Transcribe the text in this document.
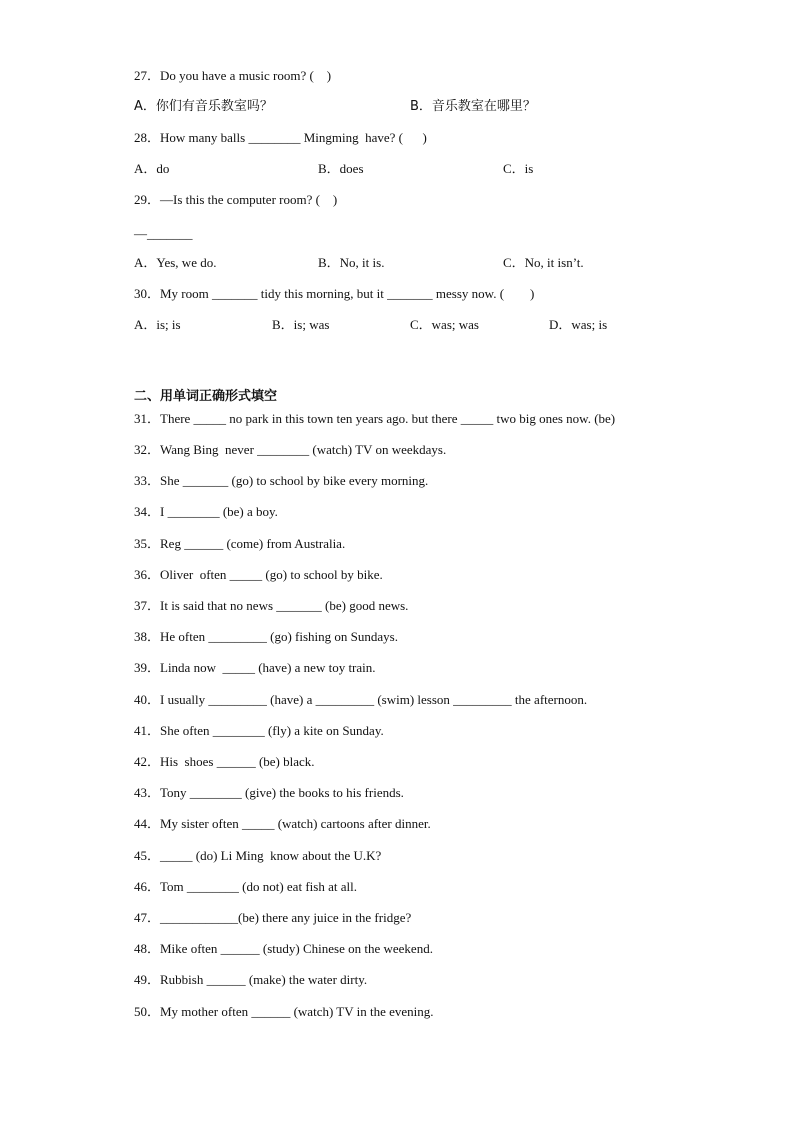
27．Do you have a music room? (    )
A．你们有音乐教室吗？	B．音乐教室在哪里？
28．How many balls ________ Mingming  have? (      )
A．do	B．does	C．is
29．—Is this the computer room? (    )
—_______
A．Yes, we do.	B．No, it is.	C．No, it isn’t.
30．My room _______ tidy this morning, but it _______ messy now. (        )
A．is; is	B．is; was	C．was; was	D．was; is
二、用单词正确形式填空
31．There _____ no park in this town ten years ago. but there _____ two big ones now. (be)
32．Wang Bing  never ________ (watch) TV on weekdays.
33．She _______ (go) to school by bike every morning.
34．I ________ (be) a boy.
35．Reg ______ (come) from Australia.
36．Oliver  often _____ (go) to school by bike.
37．It is said that no news _______ (be) good news.
38．He often _________ (go) fishing on Sundays.
39．Linda now  _____ (have) a new toy train.
40．I usually _________ (have) a _________ (swim) lesson _________ the afternoon.
41．She often ________ (fly) a kite on Sunday.
42．His  shoes ______ (be) black.
43．Tony ________ (give) the books to his friends.
44．My sister often _____ (watch) cartoons after dinner.
45．_____ (do) Li Ming  know about the U.K?
46．Tom ________ (do not) eat fish at all.
47．____________(be) there any juice in the fridge?
48．Mike often ______ (study) Chinese on the weekend.
49．Rubbish ______ (make) the water dirty.
50．My mother often ______ (watch) TV in the evening.
